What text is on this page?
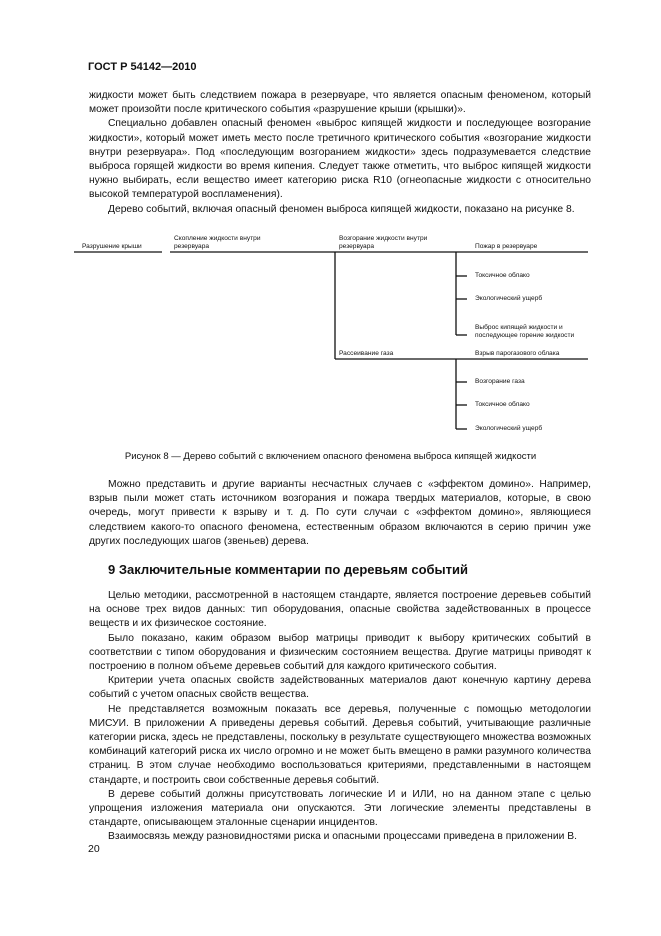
ГОСТ Р 54142—2010

жидкости может быть следствием пожара в резервуаре, что является опасным феноменом, который может произойти после критического события «разрушение крыши (крышки)».

Специально добавлен опасный феномен «выброс кипящей жидкости и последующее возгорание жидкости», который может иметь место после третичного критического события «возгорание жидкости внутри резервуара». Под «последующим возгоранием жидкости» здесь подразумевается следствие выброса горящей жидкости во время кипения. Следует также отметить, что выброс кипящей жидкости нужно выбирать, если вещество имеет категорию риска R10 (огнеопасные жидкости с относительно высокой температурой воспламенения).

Дерево событий, включая опасный феномен выброса кипящей жидкости, показано на рисунке 8.

Разрушение крыши
Скопление жидкости внутри резервуара
Возгорание жидкости внутри резервуара
Рассеивание газа
Пожар в резервуаре
Токсичное облако
Экологический ущерб
Выброс кипящей жидкости и последующее горение жидкости
Взрыв парогазового облака
Возгорание газа
Токсичное облако
Экологический ущерб
Рисунок 8 — Дерево событий с включением опасного феномена выброса кипящей жидкости

Можно представить и другие варианты несчастных случаев с «эффектом домино». Например, взрыв пыли может стать источником возгорания и пожара твердых материалов, которые, в свою очередь, могут привести к взрыву и т. д. По сути случаи с «эффектом домино», являющиеся следствием какого-то опасного феномена, естественным образом включаются в серию причин уже других последующих шагов (звеньев) дерева.

9 Заключительные комментарии по деревьям событий

Целью методики, рассмотренной в настоящем стандарте, является построение деревьев событий на основе трех видов данных: тип оборудования, опасные свойства задействованных в процессе веществ и их физическое состояние.

Было показано, каким образом выбор матрицы приводит к выбору критических событий в соответствии с типом оборудования и физическим состоянием вещества. Другие матрицы приводят к построению в полном объеме деревьев событий для каждого критического события.

Критерии учета опасных свойств задействованных материалов дают конечную картину дерева событий с учетом опасных свойств вещества.

Не представляется возможным показать все деревья, полученные с помощью методологии МИСУИ. В приложении А приведены деревья событий. Деревья событий, учитывающие различные категории риска, здесь не представлены, поскольку в результате существующего множества возможных комбинаций категорий риска их число огромно и не может быть вмещено в рамки разумного количества страниц. В этом случае необходимо воспользоваться критериями, представленными в настоящем стандарте, и построить свои собственные деревья событий.

В дереве событий должны присутствовать логические И и ИЛИ, но на данном этапе с целью упрощения изложения материала они опускаются. Эти логические элементы представлены в стандарте, описывающем эталонные сценарии инцидентов.

Взаимосвязь между разновидностями риска и опасными процессами приведена в приложении В.

20
